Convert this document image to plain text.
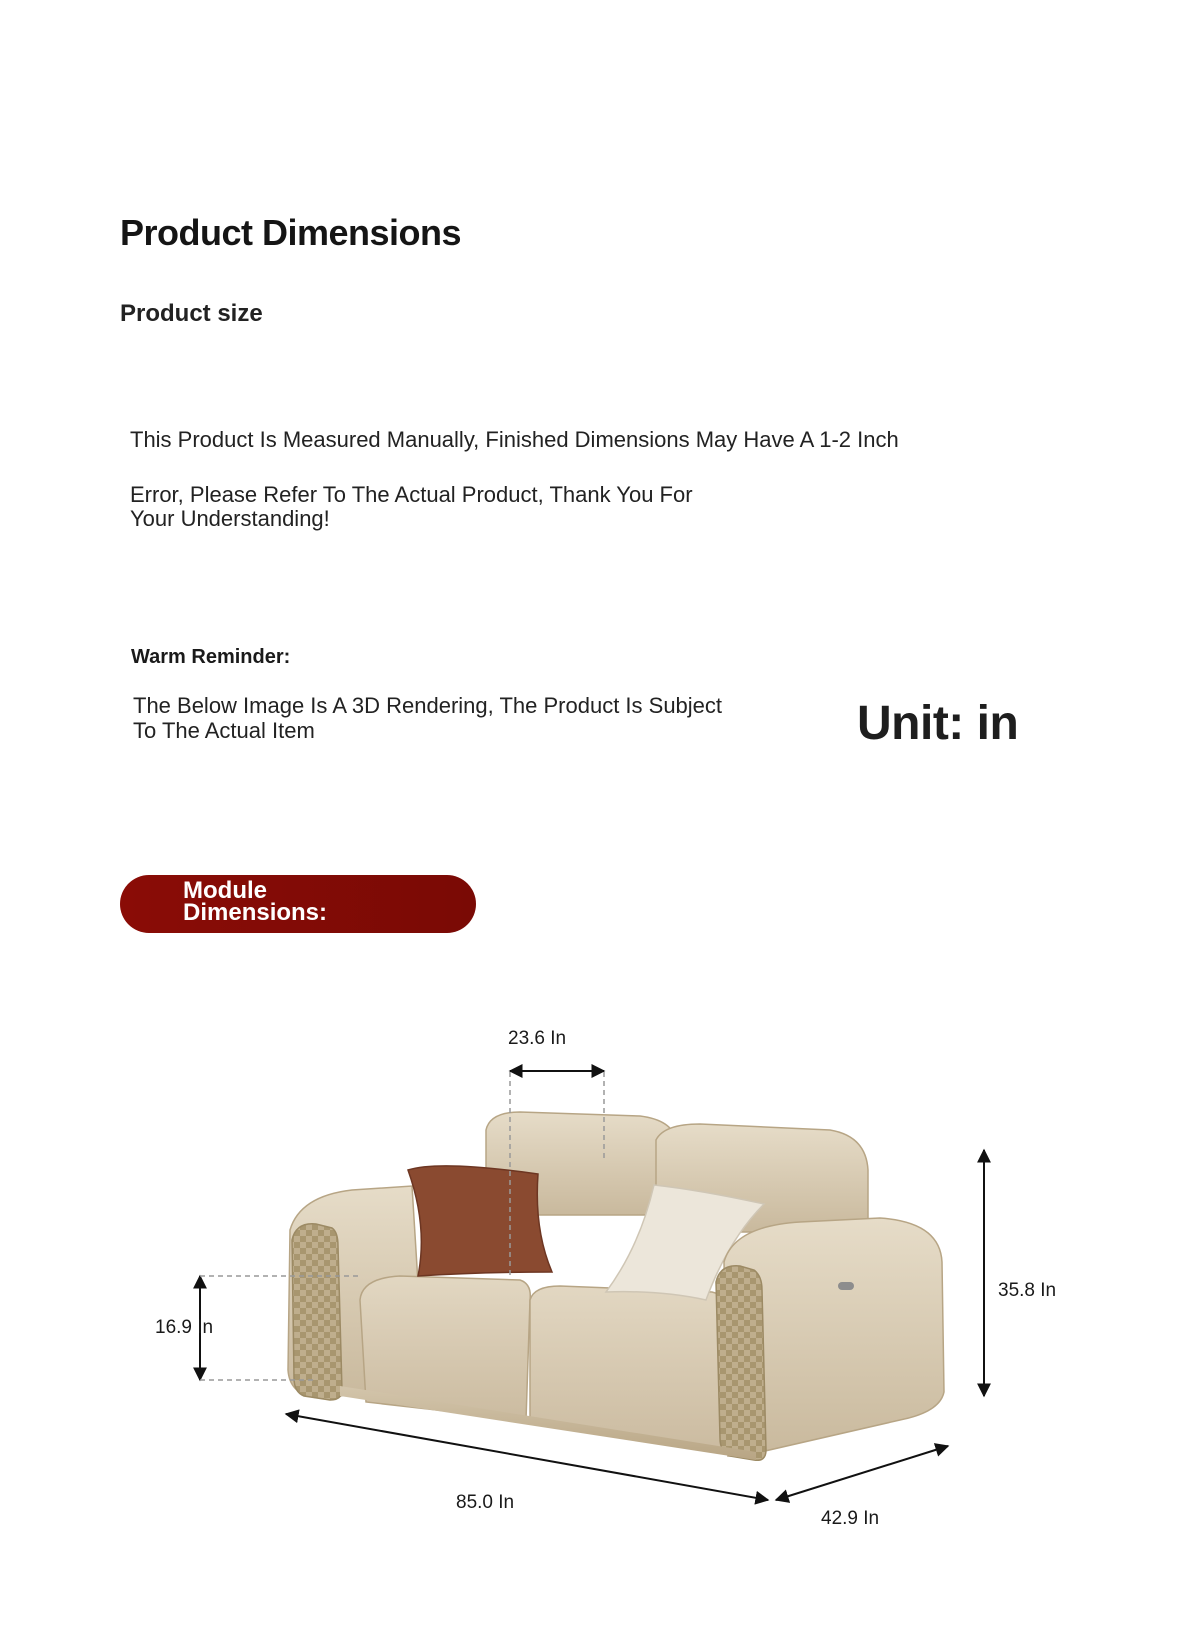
Product Dimensions
Product size
This Product Is Measured Manually, Finished Dimensions May Have A 1-2 Inch
Error, Please Refer To The Actual Product, Thank You For
Your Understanding!
Warm Reminder:
The Below Image Is A 3D Rendering, The Product Is Subject
To The Actual Item	Unit: in
Module
Dimensions:
23.6 In
16.9 In
35.8 In
85.0 In
42.9 In
